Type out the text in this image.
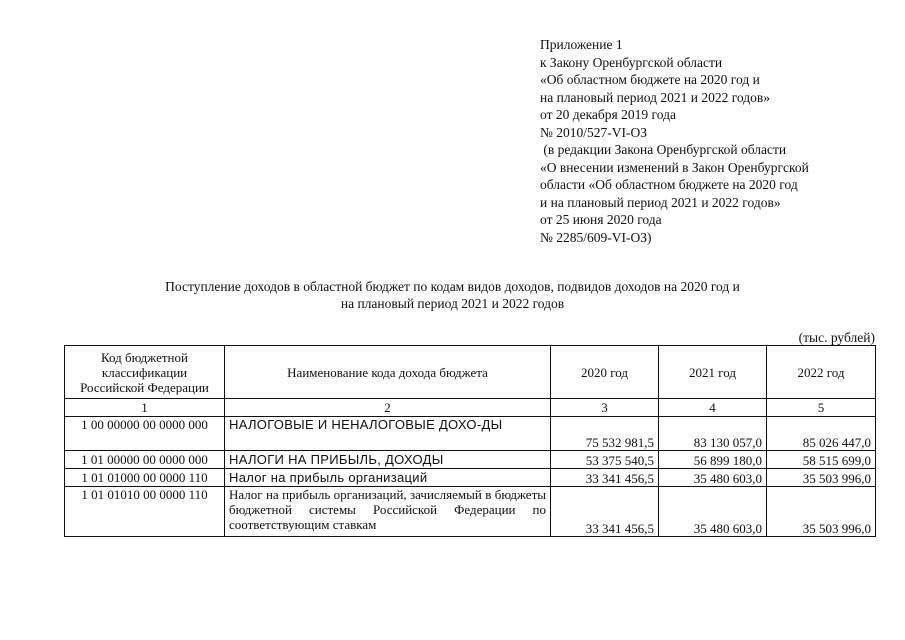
Приложение 1
к Закону Оренбургской области
«Об областном бюджете на 2020 год и
на плановый период 2021 и 2022 годов»
от 20 декабря 2019 года
№ 2010/527-VI-ОЗ
(в редакции Закона Оренбургской области
«О внесении изменений в Закон Оренбургской
области «Об областном бюджете на 2020 год
и на плановый период 2021 и 2022 годов»
от 25 июня 2020 года
№ 2285/609-VI-ОЗ)
Поступление доходов в областной бюджет по кодам видов доходов, подвидов доходов на 2020 год и
на плановый период 2021 и 2022 годов
(тыс. рублей)
Код бюджетной классификации Российской Федерации	Наименование кода дохода бюджета	2020 год	2021 год	2022 год
1	2	3	4	5
1 00 00000 00 0000 000	НАЛОГОВЫЕ И НЕНАЛОГОВЫЕ ДОХО-ДЫ	75 532 981,5	83 130 057,0	85 026 447,0
1 01 00000 00 0000 000	НАЛОГИ НА ПРИБЫЛЬ, ДОХОДЫ	53 375 540,5	56 899 180,0	58 515 699,0
1 01 01000 00 0000 110	Налог на прибыль организаций	33 341 456,5	35 480 603,0	35 503 996,0
1 01 01010 00 0000 110	Налог на прибыль организаций, зачисляемый в бюджеты бюджетной системы Российской Федерации по соответствующим ставкам	33 341 456,5	35 480 603,0	35 503 996,0
